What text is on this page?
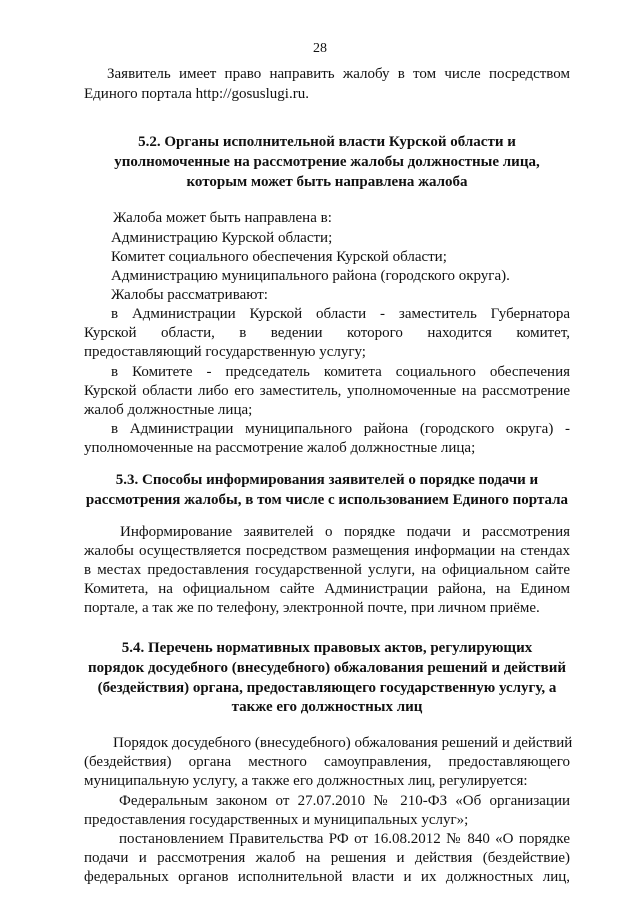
28
Заявитель имеет право направить жалобу в том числе посредством
Единого портала http://gosuslugi.ru.
5.2. Органы исполнительной власти Курской области и
уполномоченные на рассмотрение жалобы должностные лица,
которым может быть направлена жалоба
Жалоба может быть направлена в:
Администрацию Курской области;
Комитет социального обеспечения Курской области;
Администрацию муниципального района (городского округа).
Жалобы рассматривают:
в Администрации Курской области - заместитель Губернатора
Курской области, в ведении которого находится комитет,
предоставляющий государственную услугу;
в Комитете - председатель комитета социального обеспечения
Курской области либо его заместитель, уполномоченные на рассмотрение
жалоб должностные лица;
в Администрации муниципального района (городского округа) -
уполномоченные на рассмотрение жалоб должностные лица;
5.3. Способы информирования заявителей о порядке подачи и
рассмотрения жалобы, в том числе с использованием Единого портала
Информирование заявителей о порядке подачи и рассмотрения
жалобы осуществляется посредством размещения информации на стендах
в местах предоставления государственной услуги, на официальном сайте
Комитета, на официальном сайте Администрации района, на Едином
портале, а так же по телефону, электронной почте, при личном приёме.
5.4. Перечень нормативных правовых актов, регулирующих
порядок досудебного (внесудебного) обжалования решений и действий
(бездействия) органа, предоставляющего государственную услугу, а
также его должностных лиц
Порядок досудебного (внесудебного) обжалования решений и действий
(бездействия) органа местного самоуправления, предоставляющего
муниципальную услугу, а также его должностных лиц, регулируется:
Федеральным законом от 27.07.2010 № 210-ФЗ «Об организации
предоставления государственных и муниципальных услуг»;
постановлением Правительства РФ от 16.08.2012 № 840 «О порядке
подачи и рассмотрения жалоб на решения и действия (бездействие)
федеральных органов исполнительной власти и их должностных лиц,
